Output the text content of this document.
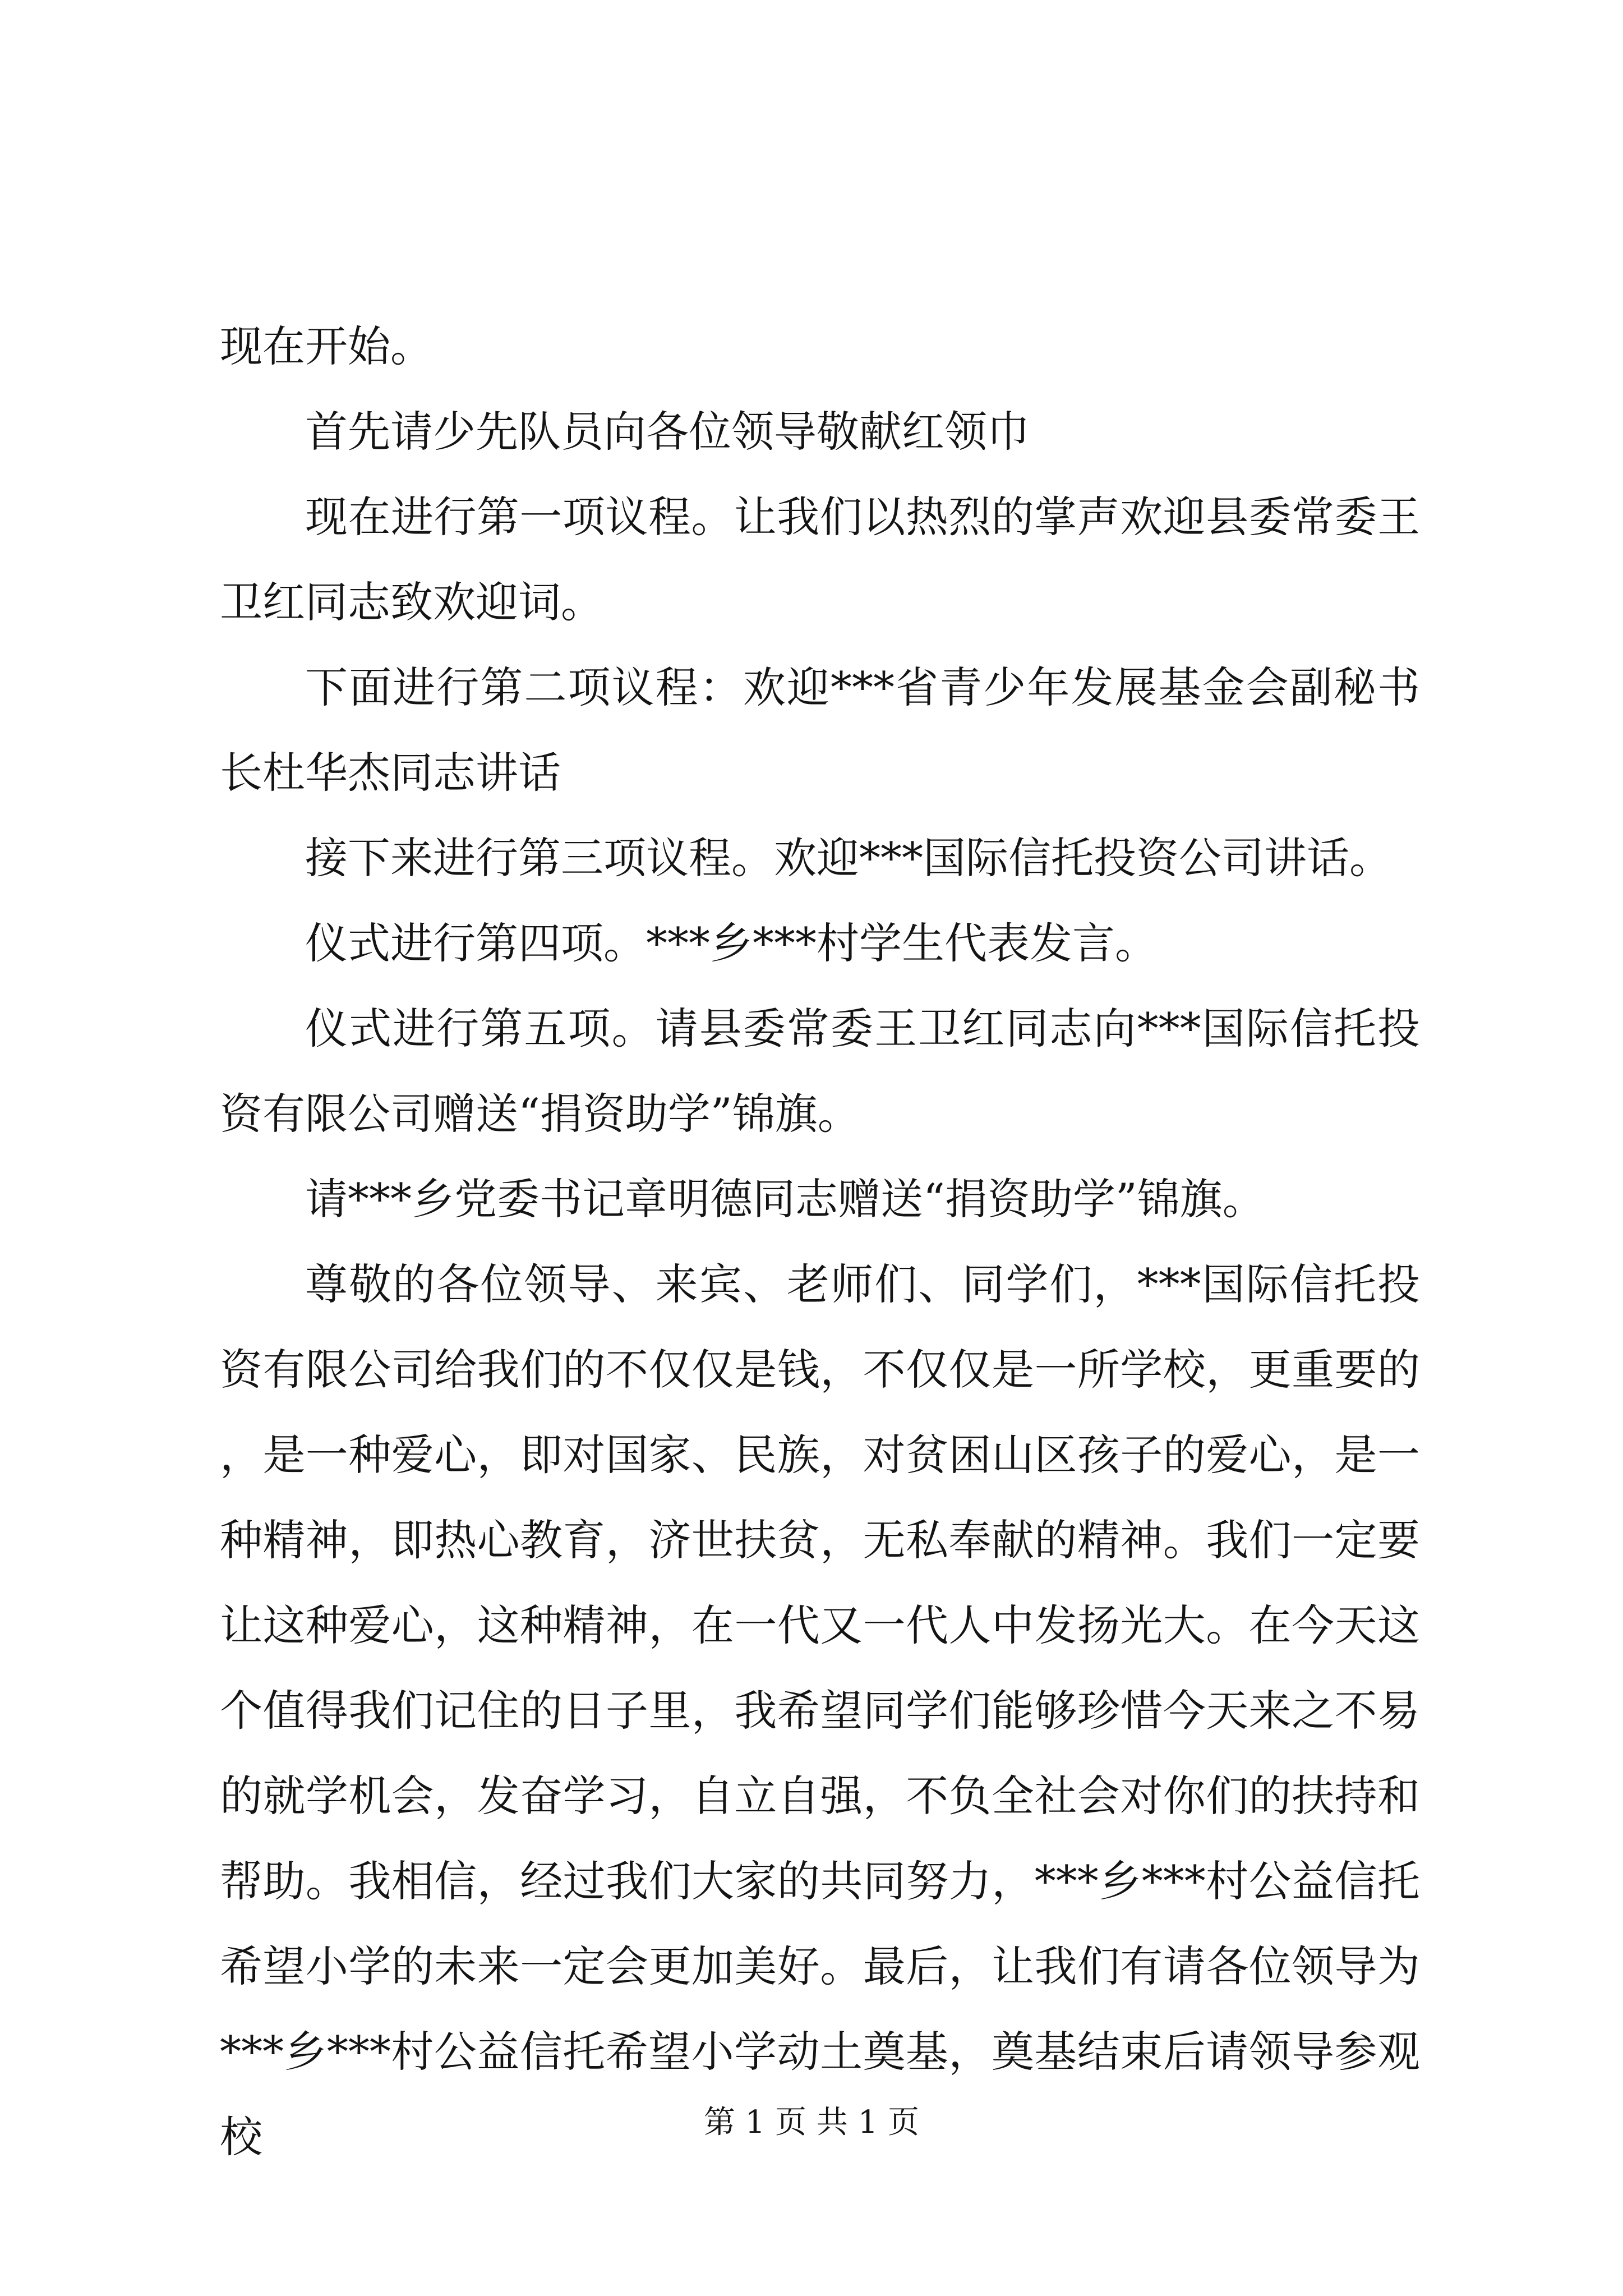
现在开始。

首先请少先队员向各位领导敬献红领巾

现在进行第一项议程。让我们以热烈的掌声欢迎县委常委王卫红同志致欢迎词。

下面进行第二项议程：欢迎***省青少年发展基金会副秘书长杜华杰同志讲话

接下来进行第三项议程。欢迎***国际信托投资公司讲话。

仪式进行第四项。***乡***村学生代表发言。

仪式进行第五项。请县委常委王卫红同志向***国际信托投资有限公司赠送“捐资助学”锦旗。

请***乡党委书记章明德同志赠送“捐资助学”锦旗。

尊敬的各位领导、来宾、老师们、同学们，***国际信托投资有限公司给我们的不仅仅是钱，不仅仅是一所学校，更重要的，是一种爱心，即对国家、民族，对贫困山区孩子的爱心，是一种精神，即热心教育，济世扶贫，无私奉献的精神。我们一定要让这种爱心，这种精神，在一代又一代人中发扬光大。在今天这个值得我们记住的日子里，我希望同学们能够珍惜今天来之不易的就学机会，发奋学习，自立自强，不负全社会对你们的扶持和帮助。我相信，经过我们大家的共同努力，***乡***村公益信托希望小学的未来一定会更加美好。最后，让我们有请各位领导为***乡***村公益信托希望小学动土奠基，奠基结束后请领导参观校	第 1 页 共 1 页
